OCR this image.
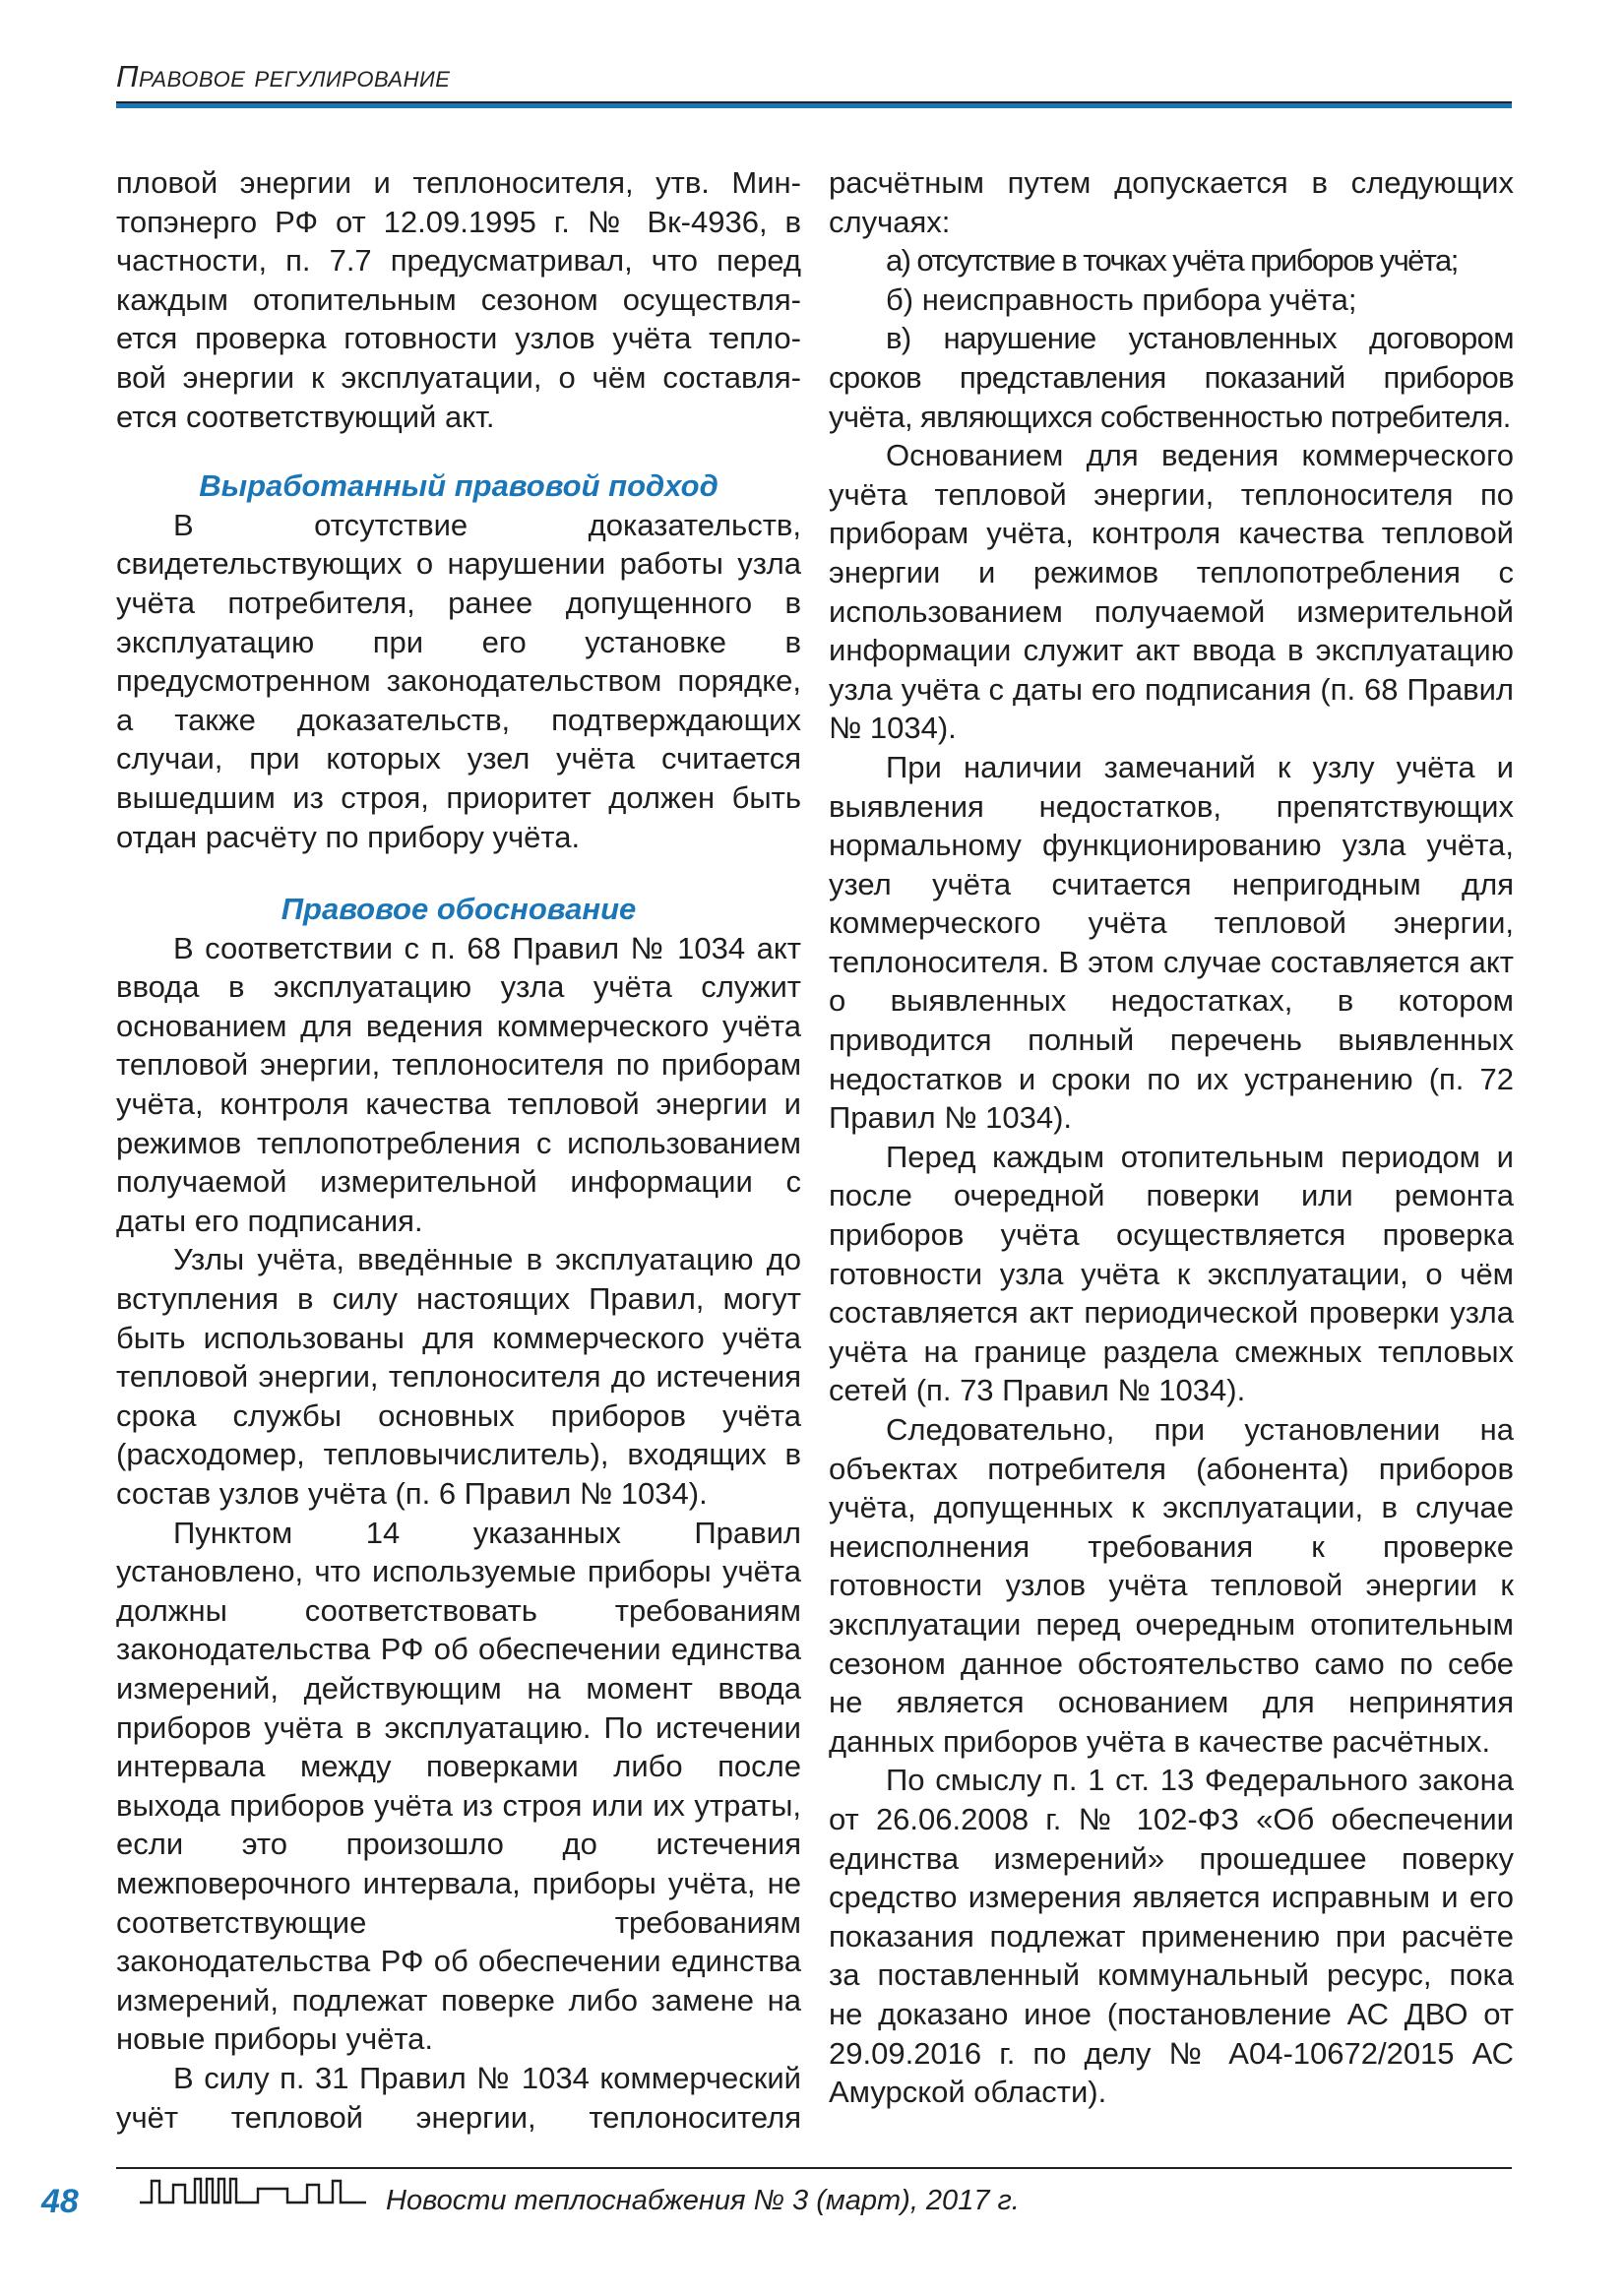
Правовое регулирование
пловой энергии и теплоносителя, утв. Мин-
топэнерго РФ от 12.09.1995 г. № Вк-4936, в
частности, п. 7.7 предусматривал, что перед
каждым отопительным сезоном осуществля-
ется проверка готовности узлов учёта тепло-
вой энергии к эксплуатации, о чём составля-
ется соответствующий акт.
Выработанный правовой подход

В отсутствие доказательств, свидетельствующих о нарушении работы узла учёта потребителя, ранее допущенного в эксплуатацию при его установке в предусмотренном законодательством порядке, а также доказательств, подтверждающих случаи, при которых узел учёта считается вышедшим из строя, приоритет должен быть отдан расчёту по прибору учёта.

Правовое обоснование

В соответствии с п. 68 Правил № 1034 акт ввода в эксплуатацию узла учёта служит основанием для ведения коммерческого учёта тепловой энергии, теплоносителя по приборам учёта, контроля качества тепловой энергии и режимов теплопотребления с использованием получаемой измерительной информации с даты его подписания.

Узлы учёта, введённые в эксплуатацию до вступления в силу настоящих Правил, могут быть использованы для коммерческого учёта тепловой энергии, теплоносителя до истечения срока службы основных приборов учёта (расходомер, тепловычислитель), входящих в состав узлов учёта (п. 6 Правил № 1034).

Пунктом 14 указанных Правил установлено, что используемые приборы учёта должны соответствовать требованиям законодательства РФ об обеспечении единства измерений, действующим на момент ввода приборов учёта в эксплуатацию. По истечении интервала между поверками либо после выхода приборов учёта из строя или их утраты, если это произошло до истечения межповерочного интервала, приборы учёта, не соответствующие требованиям законодательства РФ об обеспечении единства измерений, подлежат поверке либо замене на новые приборы учёта.

В силу п. 31 Правил № 1034 коммерческий учёт тепловой энергии, теплоносителя

расчётным путем допускается в следующих случаях:

а) отсутствие в точках учёта приборов учёта;

б) неисправность прибора учёта;

в) нарушение установленных договором сроков представления показаний приборов учёта, являющихся собственностью потребителя.

Основанием для ведения коммерческого учёта тепловой энергии, теплоносителя по приборам учёта, контроля качества тепловой энергии и режимов теплопотребления с использованием получаемой измерительной информации служит акт ввода в эксплуатацию узла учёта с даты его подписания (п. 68 Правил № 1034).

При наличии замечаний к узлу учёта и выявления недостатков, препятствующих нормальному функционированию узла учёта, узел учёта считается непригодным для коммерческого учёта тепловой энергии, теплоносителя. В этом случае составляется акт о выявленных недостатках, в котором приводится полный перечень выявленных недостатков и сроки по их устранению (п. 72 Правил № 1034).

Перед каждым отопительным периодом и после очередной поверки или ремонта приборов учёта осуществляется проверка готовности узла учёта к эксплуатации, о чём составляется акт периодической проверки узла учёта на границе раздела смежных тепловых сетей (п. 73 Правил № 1034).

Следовательно, при установлении на объектах потребителя (абонента) приборов учёта, допущенных к эксплуатации, в случае неисполнения требования к проверке готовности узлов учёта тепловой энергии к эксплуатации перед очередным отопительным сезоном данное обстоятельство само по себе не является основанием для непринятия данных приборов учёта в качестве расчётных.

По смыслу п. 1 ст. 13 Федерального закона от 26.06.2008 г. № 102-ФЗ «Об обеспечении единства измерений» прошедшее поверку средство измерения является исправным и его показания подлежат применению при расчёте за поставленный коммунальный ресурс, пока не доказано иное (постановление АС ДВО от 29.09.2016 г. по делу № А04-10672/2015 АС Амурской области).

48	Новости теплоснабжения № 3 (март), 2017 г.
